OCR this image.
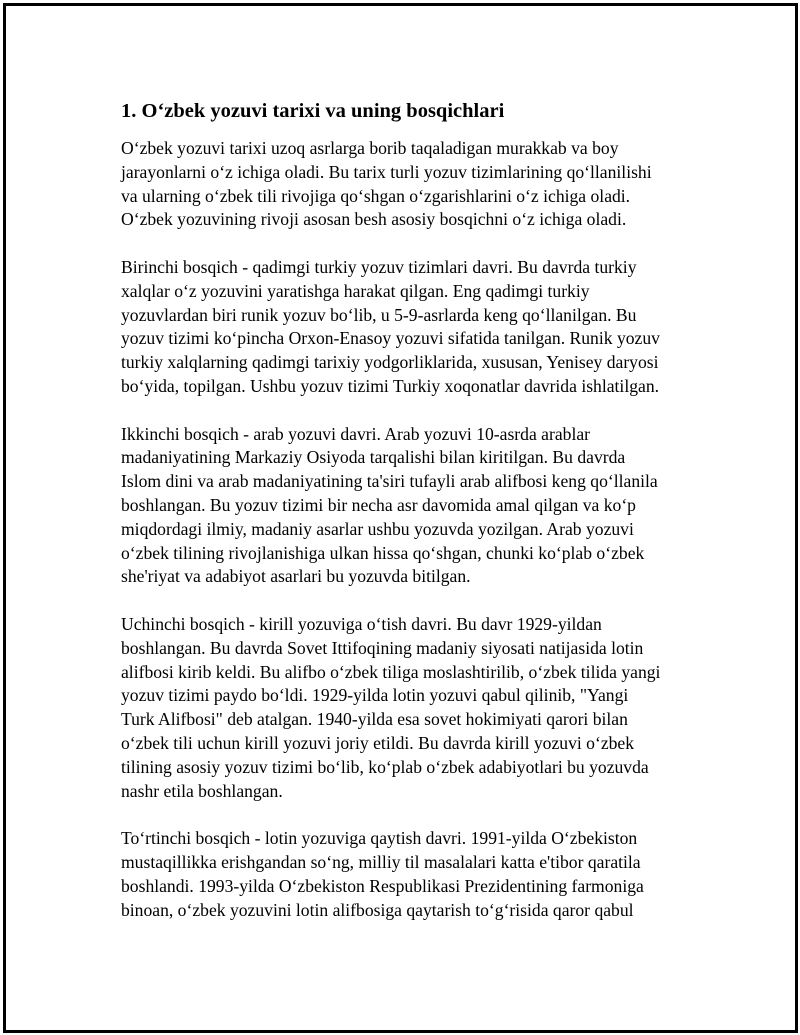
1. O‘zbek yozuvi tarixi va uning bosqichlari

O‘zbek yozuvi tarixi uzoq asrlarga borib taqaladigan murakkab va boy
jarayonlarni o‘z ichiga oladi. Bu tarix turli yozuv tizimlarining qo‘llanilishi
va ularning o‘zbek tili rivojiga qo‘shgan o‘zgarishlarini o‘z ichiga oladi.
O‘zbek yozuvining rivoji asosan besh asosiy bosqichni o‘z ichiga oladi.

Birinchi bosqich - qadimgi turkiy yozuv tizimlari davri. Bu davrda turkiy
xalqlar o‘z yozuvini yaratishga harakat qilgan. Eng qadimgi turkiy
yozuvlardan biri runik yozuv bo‘lib, u 5-9-asrlarda keng qo‘llanilgan. Bu
yozuv tizimi ko‘pincha Orxon-Enasoy yozuvi sifatida tanilgan. Runik yozuv
turkiy xalqlarning qadimgi tarixiy yodgorliklarida, xususan, Yenisey daryosi
bo‘yida, topilgan. Ushbu yozuv tizimi Turkiy xoqonatlar davrida ishlatilgan.

Ikkinchi bosqich - arab yozuvi davri. Arab yozuvi 10-asrda arablar
madaniyatining Markaziy Osiyoda tarqalishi bilan kiritilgan. Bu davrda
Islom dini va arab madaniyatining ta'siri tufayli arab alifbosi keng qo‘llanila
boshlangan. Bu yozuv tizimi bir necha asr davomida amal qilgan va ko‘p
miqdordagi ilmiy, madaniy asarlar ushbu yozuvda yozilgan. Arab yozuvi
o‘zbek tilining rivojlanishiga ulkan hissa qo‘shgan, chunki ko‘plab o‘zbek
she'riyat va adabiyot asarlari bu yozuvda bitilgan.

Uchinchi bosqich - kirill yozuviga o‘tish davri. Bu davr 1929-yildan
boshlangan. Bu davrda Sovet Ittifoqining madaniy siyosati natijasida lotin
alifbosi kirib keldi. Bu alifbo o‘zbek tiliga moslashtirilib, o‘zbek tilida yangi
yozuv tizimi paydo bo‘ldi. 1929-yilda lotin yozuvi qabul qilinib, "Yangi
Turk Alifbosi" deb atalgan. 1940-yilda esa sovet hokimiyati qarori bilan
o‘zbek tili uchun kirill yozuvi joriy etildi. Bu davrda kirill yozuvi o‘zbek
tilining asosiy yozuv tizimi bo‘lib, ko‘plab o‘zbek adabiyotlari bu yozuvda
nashr etila boshlangan.

To‘rtinchi bosqich - lotin yozuviga qaytish davri. 1991-yilda O‘zbekiston
mustaqillikka erishgandan so‘ng, milliy til masalalari katta e'tibor qaratila
boshlandi. 1993-yilda O‘zbekiston Respublikasi Prezidentining farmoniga
binoan, o‘zbek yozuvini lotin alifbosiga qaytarish to‘g‘risida qaror qabul
